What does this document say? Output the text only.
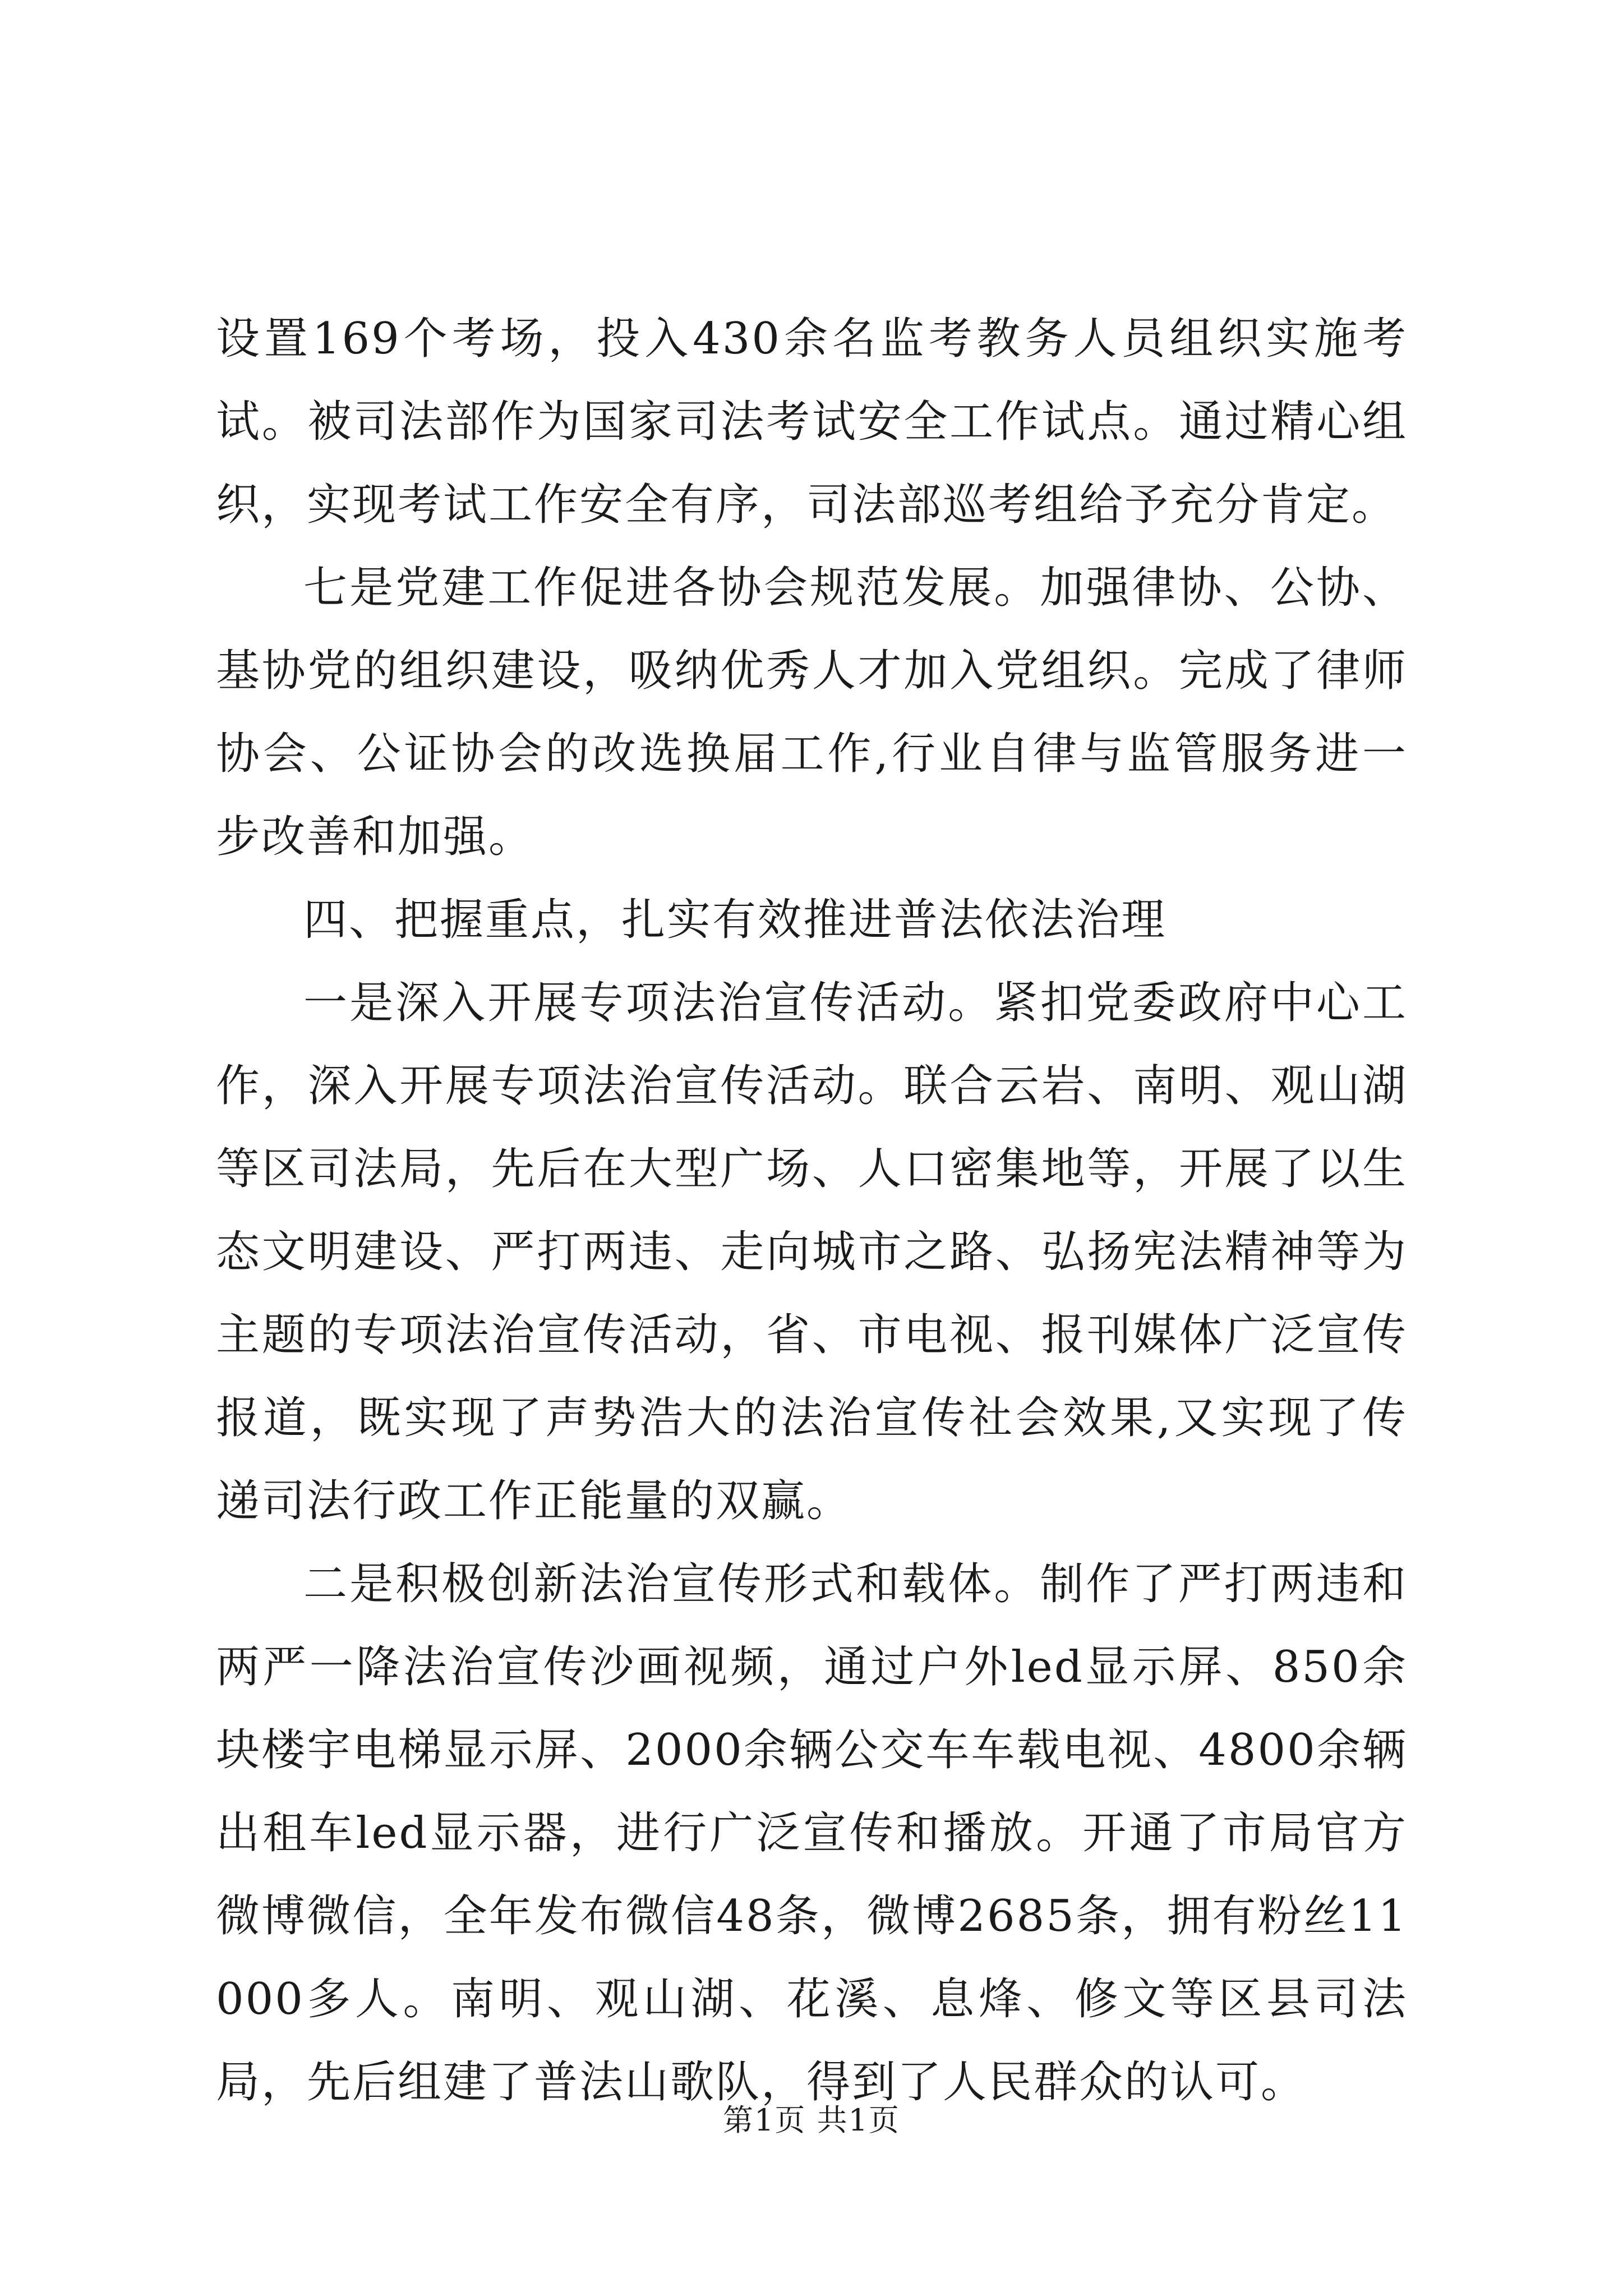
设置169个考场，投入430余名监考教务人员组织实施考试。被司法部作为国家司法考试安全工作试点。通过精心组织，实现考试工作安全有序，司法部巡考组给予充分肯定。

七是党建工作促进各协会规范发展。加强律协、公协、基协党的组织建设，吸纳优秀人才加入党组织。完成了律师协会、公证协会的改选换届工作,行业自律与监管服务进一步改善和加强。

四、把握重点，扎实有效推进普法依法治理

一是深入开展专项法治宣传活动。紧扣党委政府中心工作，深入开展专项法治宣传活动。联合云岩、南明、观山湖等区司法局，先后在大型广场、人口密集地等，开展了以生态文明建设、严打两违、走向城市之路、弘扬宪法精神等为主题的专项法治宣传活动，省、市电视、报刊媒体广泛宣传报道，既实现了声势浩大的法治宣传社会效果,又实现了传递司法行政工作正能量的双赢。

二是积极创新法治宣传形式和载体。制作了严打两违和两严一降法治宣传沙画视频，通过户外led显示屏、850余块楼宇电梯显示屏、2000余辆公交车车载电视、4800余辆出租车led显示器，进行广泛宣传和播放。开通了市局官方微博微信，全年发布微信48条，微博2685条，拥有粉丝11000多人。南明、观山湖、花溪、息烽、修文等区县司法局，先后组建了普法山歌队，得到了人民群众的认可。

第1页 共1页
